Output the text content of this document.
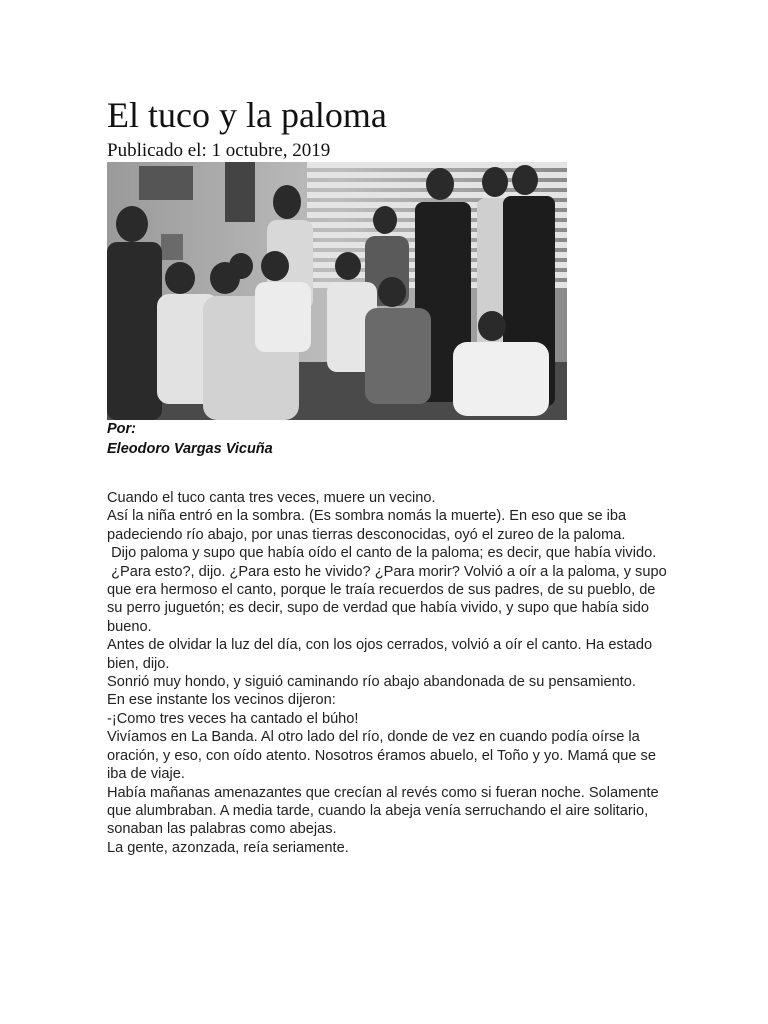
El tuco y la paloma
Publicado el: 1 octubre, 2019
Por:
Eleodoro Vargas Vicuña

Cuando el tuco canta tres veces, muere un vecino.

Así la niña entró en la sombra. (Es sombra nomás la muerte). En eso que se iba padeciendo río abajo, por unas tierras desconocidas, oyó el zureo de la paloma.

Dijo paloma y supo que había oído el canto de la paloma; es decir, que había vivido.

¿Para esto?, dijo. ¿Para esto he vivido? ¿Para morir? Volvió a oír a la paloma, y supo que era hermoso el canto, porque le traía recuerdos de sus padres, de su pueblo, de su perro juguetón; es decir, supo de verdad que había vivido, y supo que había sido bueno.

Antes de olvidar la luz del día, con los ojos cerrados, volvió a oír el canto. Ha estado bien, dijo.

Sonrió muy hondo, y siguió caminando río abajo abandonada de su pensamiento.

En ese instante los vecinos dijeron:

-¡Como tres veces ha cantado el búho!

Vivíamos en La Banda. Al otro lado del río, donde de vez en cuando podía oírse la oración, y eso, con oído atento. Nosotros éramos abuelo, el Toño y yo. Mamá que se iba de viaje.

Había mañanas amenazantes que crecían al revés como si fueran noche. Solamente que alumbraban. A media tarde, cuando la abeja venía serruchando el aire solitario, sonaban las palabras como abejas.

La gente, azonzada, reía seriamente.
